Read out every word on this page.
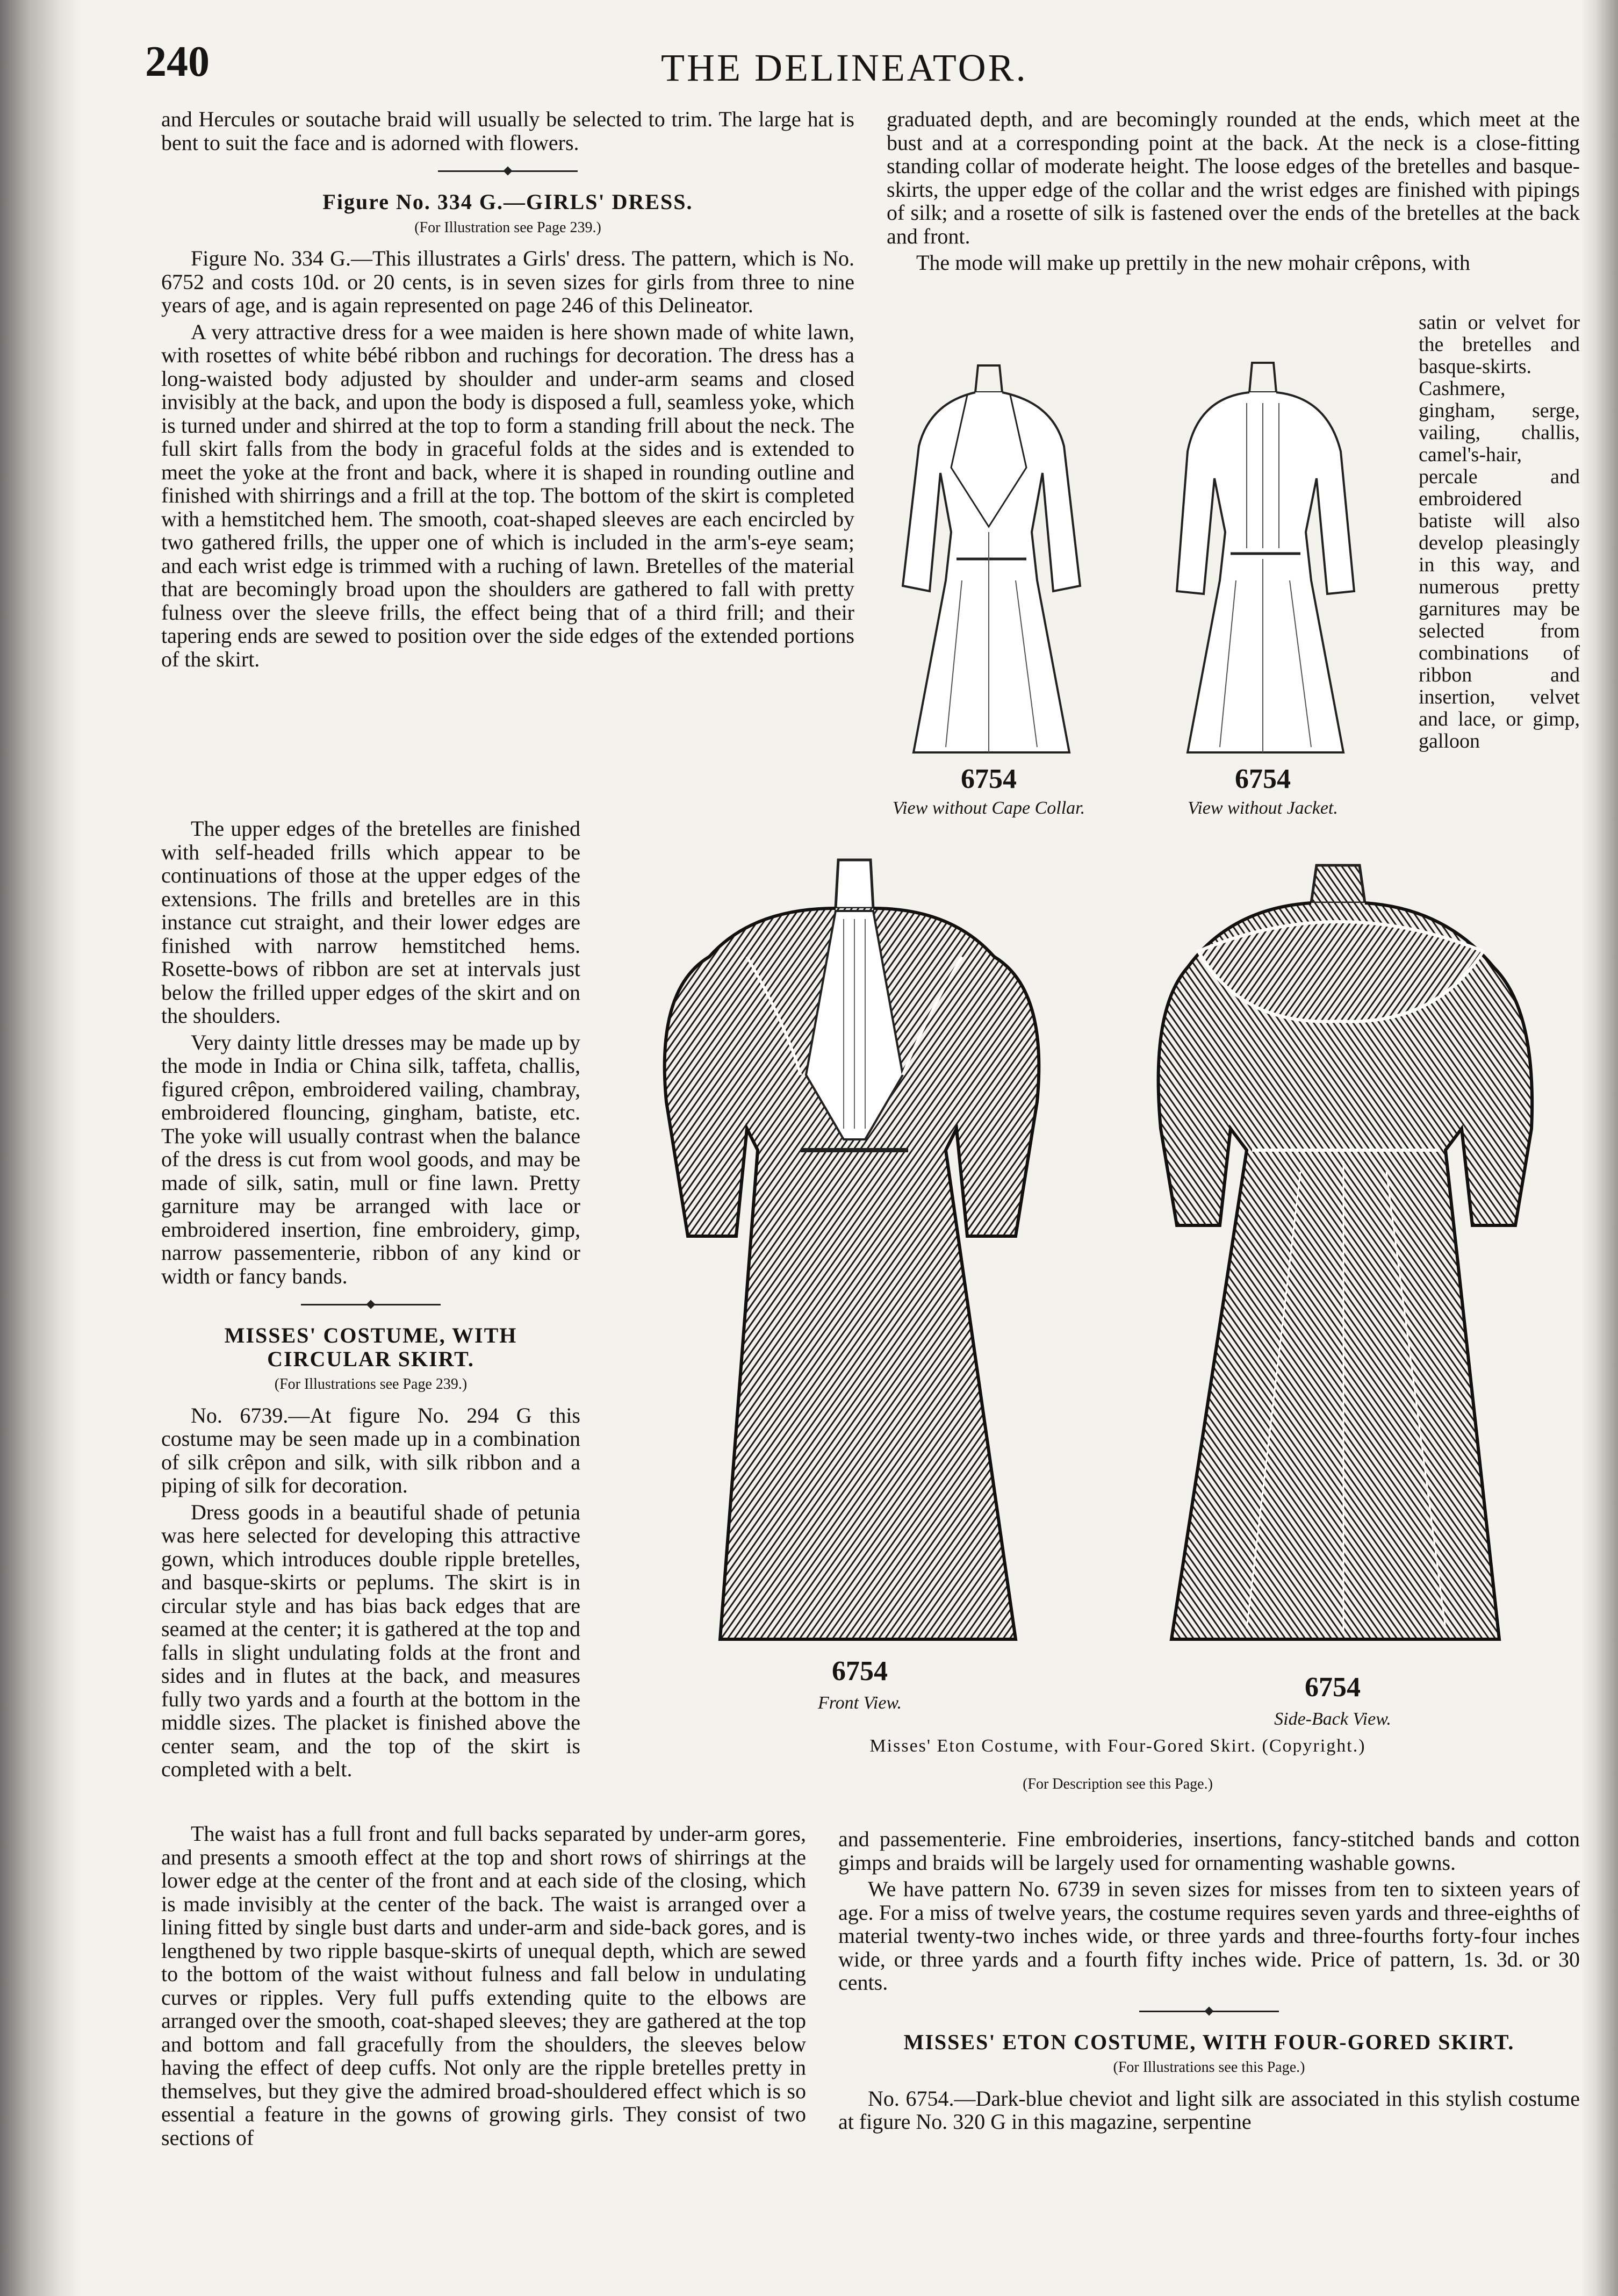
240	THE DELINEATOR.

and Hercules or soutache braid will usually be selected to trim. The large hat is bent to suit the face and is adorned with flowers.

Figure No. 334 G.—GIRLS' DRESS.
(For Illustration see Page 239.)

Figure No. 334 G.—This illustrates a Girls' dress. The pattern, which is No. 6752 and costs 10d. or 20 cents, is in seven sizes for girls from three to nine years of age, and is again represented on page 246 of this Delineator.

A very attractive dress for a wee maiden is here shown made of white lawn, with rosettes of white bébé ribbon and ruchings for decoration. The dress has a long-waisted body adjusted by shoulder and under-arm seams and closed invisibly at the back, and upon the body is disposed a full, seamless yoke, which is turned under and shirred at the top to form a standing frill about the neck. The full skirt falls from the body in graceful folds at the sides and is extended to meet the yoke at the front and back, where it is shaped in rounding outline and finished with shirrings and a frill at the top. The bottom of the skirt is completed with a hemstitched hem. The smooth, coat-shaped sleeves are each encircled by two gathered frills, the upper one of which is included in the arm's-eye seam; and each wrist edge is trimmed with a ruching of lawn. Bretelles of the material that are becomingly broad upon the shoulders are gathered to fall with pretty fulness over the sleeve frills, the effect being that of a third frill; and their tapering ends are sewed to position over the side edges of the extended portions of the skirt.

The upper edges of the bretelles are finished with self-headed frills which appear to be continuations of those at the upper edges of the extensions. The frills and bretelles are in this instance cut straight, and their lower edges are finished with narrow hemstitched hems. Rosette-bows of ribbon are set at intervals just below the frilled upper edges of the skirt and on the shoulders.

Very dainty little dresses may be made up by the mode in India or China silk, taffeta, challis, figured crêpon, embroidered vailing, chambray, embroidered flouncing, gingham, batiste, etc. The yoke will usually contrast when the balance of the dress is cut from wool goods, and may be made of silk, satin, mull or fine lawn. Pretty garniture may be arranged with lace or embroidered insertion, fine embroidery, gimp, narrow passementerie, ribbon of any kind or width or fancy bands.

MISSES' COSTUME, WITH CIRCULAR SKIRT.
(For Illustrations see Page 239.)

No. 6739.—At figure No. 294 G this costume may be seen made up in a combination of silk crêpon and silk, with silk ribbon and a piping of silk for decoration.

Dress goods in a beautiful shade of petunia was here selected for developing this attractive gown, which introduces double ripple bretelles, and basque-skirts or peplums. The skirt is in circular style and has bias back edges that are seamed at the center; it is gathered at the top and falls in slight undulating folds at the front and sides and in flutes at the back, and measures fully two yards and a fourth at the bottom in the middle sizes. The placket is finished above the center seam, and the top of the skirt is completed with a belt.

The waist has a full front and full backs separated by under-arm gores, and presents a smooth effect at the top and short rows of shirrings at the lower edge at the center of the front and at each side of the closing, which is made invisibly at the center of the back. The waist is arranged over a lining fitted by single bust darts and under-arm and side-back gores, and is lengthened by two ripple basque-skirts of unequal depth, which are sewed to the bottom of the waist without fulness and fall below in undulating curves or ripples. Very full puffs extending quite to the elbows are arranged over the smooth, coat-shaped sleeves; they are gathered at the top and bottom and fall gracefully from the shoulders, the sleeves below having the effect of deep cuffs. Not only are the ripple bretelles pretty in themselves, but they give the admired broad-shouldered effect which is so essential a feature in the gowns of growing girls. They consist of two sections of

graduated depth, and are becomingly rounded at the ends, which meet at the bust and at a corresponding point at the back. At the neck is a close-fitting standing collar of moderate height. The loose edges of the bretelles and basque-skirts, the upper edge of the collar and the wrist edges are finished with pipings of silk; and a rosette of silk is fastened over the ends of the bretelles at the back and front.

The mode will make up prettily in the new mohair crêpons, with

satin or velvet for the bretelles and basque-skirts. Cashmere, gingham, serge, vailing, challis, camel's-hair, percale and embroidered batiste will also develop pleasingly in this way, and numerous pretty garnitures may be selected from combinations of ribbon and insertion, velvet and lace, or gimp, galloon

and passementerie. Fine embroideries, insertions, fancy-stitched bands and cotton gimps and braids will be largely used for ornamenting washable gowns.

We have pattern No. 6739 in seven sizes for misses from ten to sixteen years of age. For a miss of twelve years, the costume requires seven yards and three-eighths of material twenty-two inches wide, or three yards and three-fourths forty-four inches wide, or three yards and a fourth fifty inches wide. Price of pattern, 1s. 3d. or 30 cents.

MISSES' ETON COSTUME, WITH FOUR-GORED SKIRT.
(For Illustrations see this Page.)

No. 6754.—Dark-blue cheviot and light silk are associated in this stylish costume at figure No. 320 G in this magazine, serpentine

6754
View without Cape Collar.
6754
View without Jacket.
6754
Front View.
6754
Side-Back View.
Misses' Eton Costume, with Four-Gored Skirt. (Copyright.)
(For Description see this Page.)
